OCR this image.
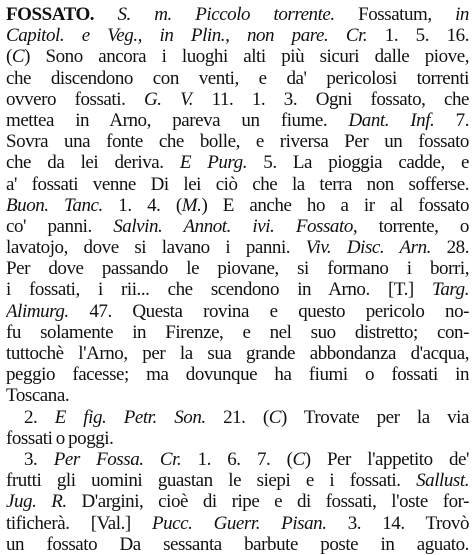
FOSSATO. S. m. Piccolo torrente. Fossatum, in
Capitol. e Veg., in Plin., non pare. Cr. 1. 5. 16.
(C) Sono ancora i luoghi alti più sicuri dalle piove,
che discendono con venti, e da' pericolosi torrenti
ovvero fossati. G. V. 11. 1. 3. Ogni fossato, che
mettea in Arno, pareva un fiume. Dant. Inf. 7.
Sovra una fonte che bolle, e riversa Per un fossato
che da lei deriva. E Purg. 5. La pioggia cadde, e
a' fossati venne Di lei ciò che la terra non sofferse.
Buon. Tanc. 1. 4. (M.) E anche ho a ir al fossato
co' panni. Salvin. Annot. ivi. Fossato, torrente, o
lavatojo, dove si lavano i panni. Viv. Disc. Arn. 28.
Per dove passando le piovane, si formano i borri,
i fossati, i rii... che scendono in Arno. [T.] Targ.
Alimurg. 47. Questa rovina e questo pericolo no-
fu solamente in Firenze, e nel suo distretto; con-
tuttochè l'Arno, per la sua grande abbondanza d'acqua,
peggio facesse; ma dovunque ha fiumi o fossati in
Toscana.
2. E fig. Petr. Son. 21. (C) Trovate per la via
fossati o poggi.
3. Per Fossa. Cr. 1. 6. 7. (C) Per l'appetito de'
frutti gli uomini guastan le siepi e i fossati. Sallust.
Jug. R. D'argini, cioè di ripe e di fossati, l'oste for-
tificherà. [Val.] Pucc. Guerr. Pisan. 3. 14. Trovò
un fossato Da sessanta barbute poste in aguato.
